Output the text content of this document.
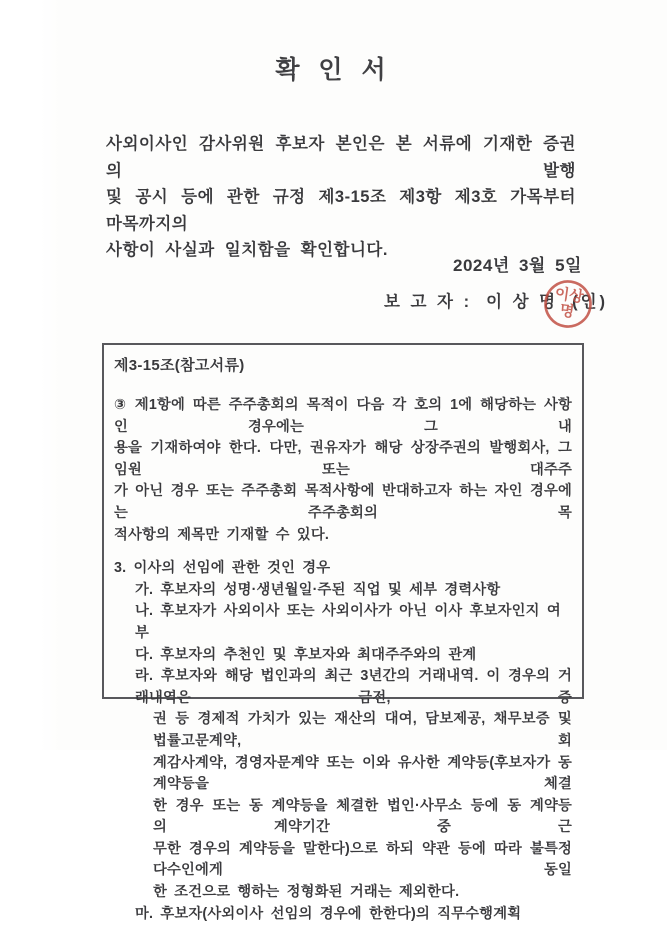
확 인 서
사외이사인 감사위원 후보자 본인은 본 서류에 기재한 증권의 발행
및 공시 등에 관한 규정 제3-15조 제3항 제3호 가목부터 마목까지의
사항이 사실과 일치함을 확인합니다.
2024년 3월 5일
보 고 자 : 이 상 명 (인)
이상
명
제3-15조(참고서류)
③ 제1항에 따른 주주총회의 목적이 다음 각 호의 1에 해당하는 사항인 경우에는 그 내
용을 기재하여야 한다. 다만, 권유자가 해당 상장주권의 발행회사, 그 임원 또는 대주주
가 아닌 경우 또는 주주총회 목적사항에 반대하고자 하는 자인 경우에는 주주총회의 목
적사항의 제목만 기재할 수 있다.
3. 이사의 선임에 관한 것인 경우
가. 후보자의 성명·생년월일·주된 직업 및 세부 경력사항
나. 후보자가 사외이사 또는 사외이사가 아닌 이사 후보자인지 여부
다. 후보자의 추천인 및 후보자와 최대주주와의 관계
라. 후보자와 해당 법인과의 최근 3년간의 거래내역. 이 경우의 거래내역은 금전, 증
권 등 경제적 가치가 있는 재산의 대여, 담보제공, 채무보증 및 법률고문계약, 회
계감사계약, 경영자문계약 또는 이와 유사한 계약등(후보자가 동 계약등을 체결
한 경우 또는 동 계약등을 체결한 법인·사무소 등에 동 계약등의 계약기간 중 근
무한 경우의 계약등을 말한다)으로 하되 약관 등에 따라 불특정다수인에게 동일
한 조건으로 행하는 정형화된 거래는 제외한다.
마. 후보자(사외이사 선임의 경우에 한한다)의 직무수행계획
